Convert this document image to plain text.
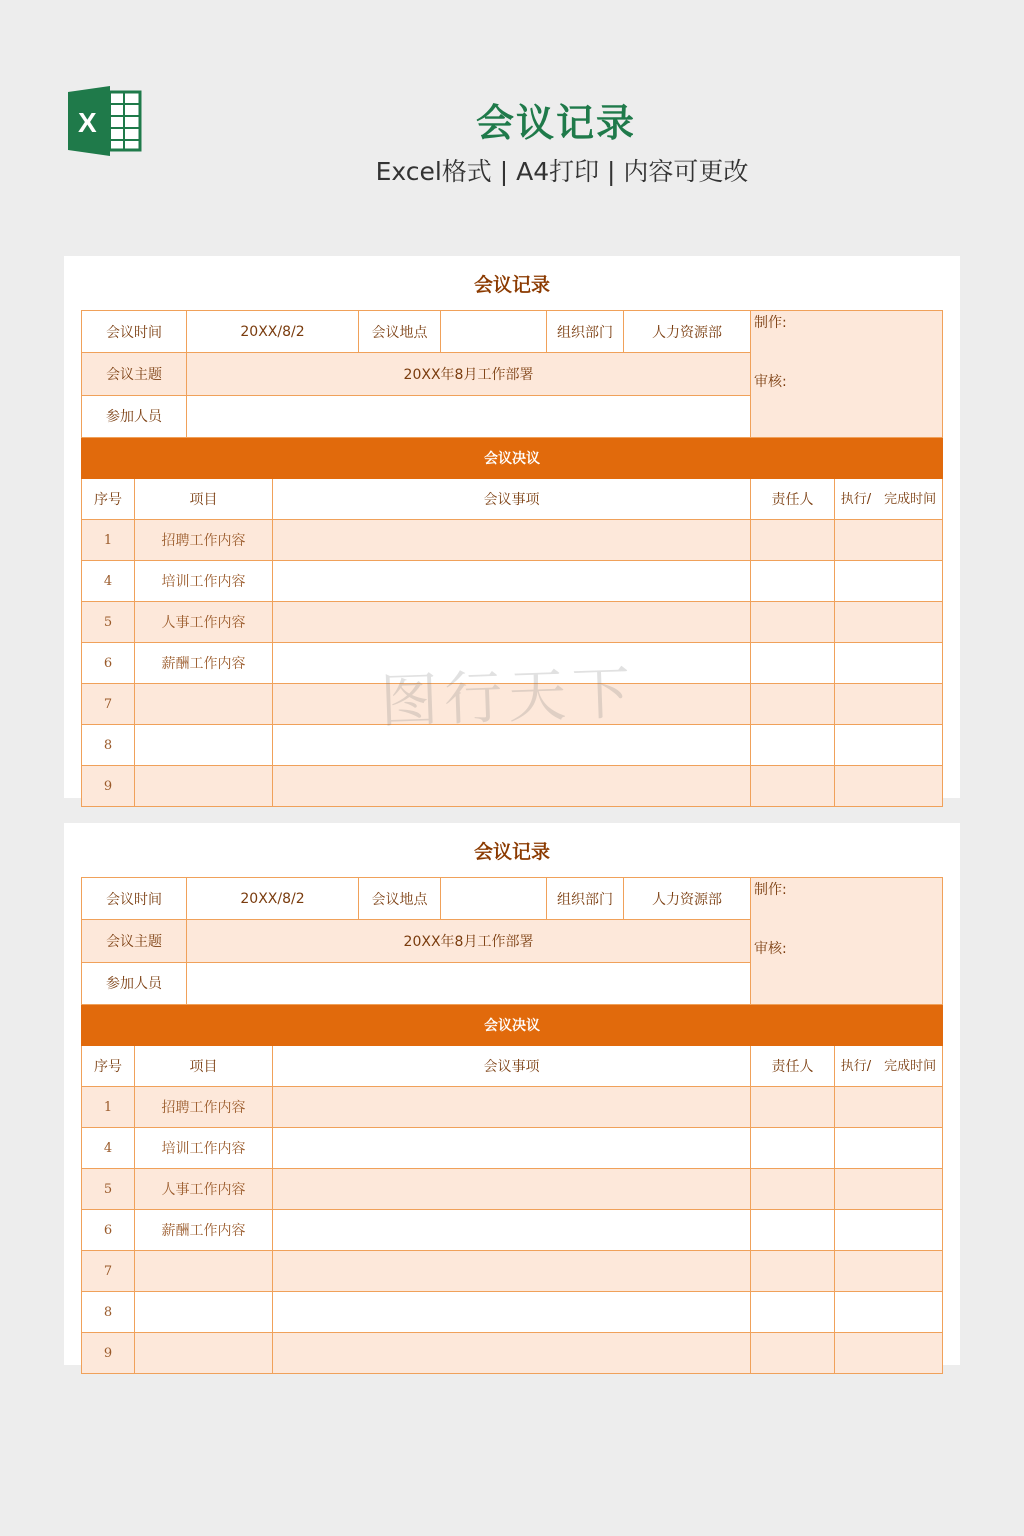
X	会议记录
Excel格式 | A4打印 | 内容可更改
会议记录
会议时间		20XX/8/2		会议地点		组织部门	人力资源部	制作:
审核:	

会议主题		20XX年8月工作部署							
参加人员									
会议决议									
序号	项目		会议事项					责任人	执行/　完成时间
1	招聘工作内容								
4	培训工作内容								
5	人事工作内容								
6	薪酬工作内容								
7									
8									
9									
会议记录
会议时间		20XX/8/2		会议地点		组织部门	人力资源部	制作:
审核:	

会议主题		20XX年8月工作部署							
参加人员									
会议决议									
序号	项目		会议事项					责任人	执行/　完成时间
1	招聘工作内容								
4	培训工作内容								
5	人事工作内容								
6	薪酬工作内容								
7									
8									
9									
图行天下
